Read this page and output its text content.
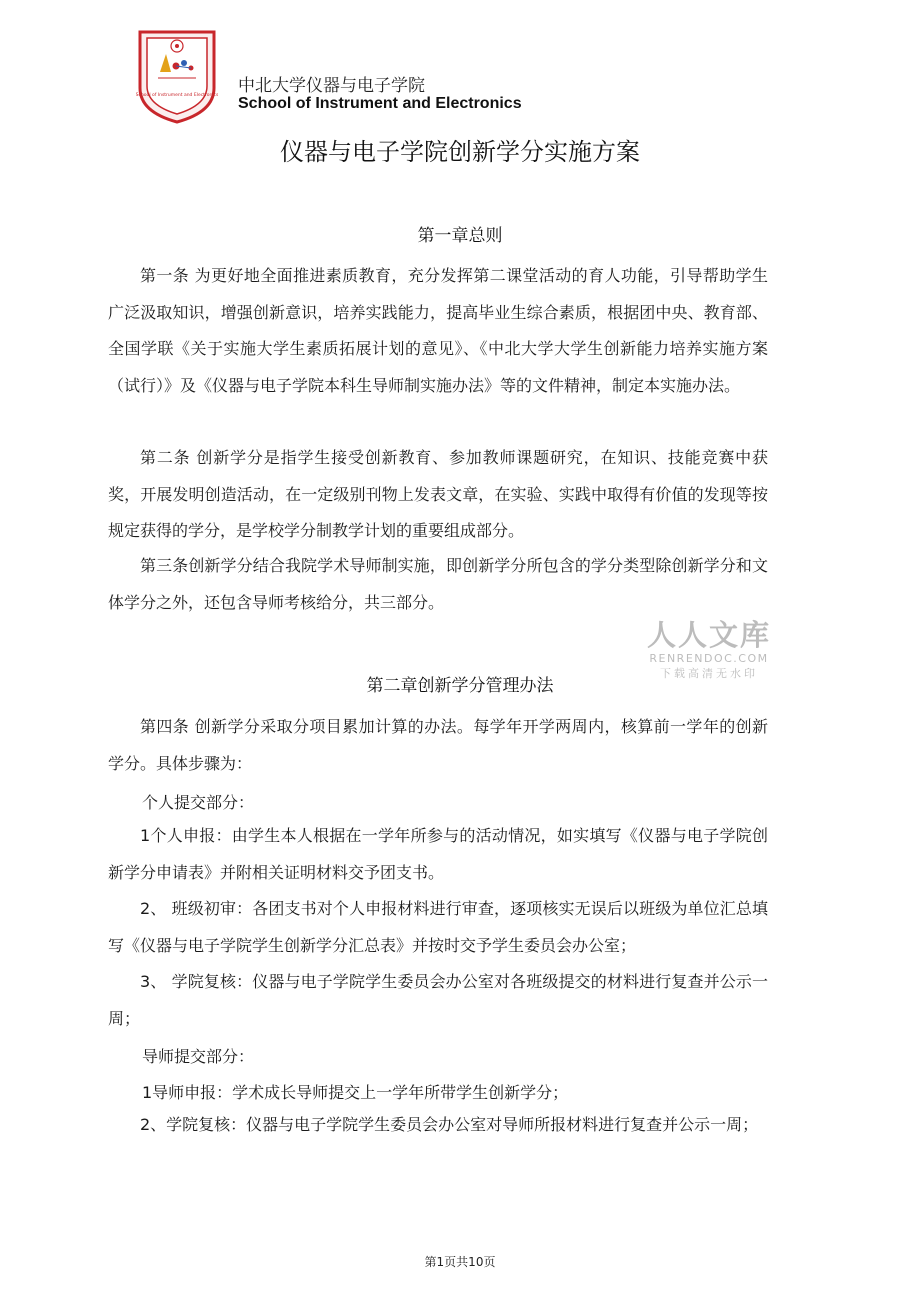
School of Instrument and Electronics 中北大学仪器与电子学院
School of Instrument and Electronics
仪器与电子学院创新学分实施方案
第一章总则
第一条 为更好地全面推进素质教育，充分发挥第二课堂活动的育人功能，引导帮助学生广泛汲取知识，增强创新意识，培养实践能力，提高毕业生综合素质，根据团中央、教育部、全国学联《关于实施大学生素质拓展计划的意见》、《中北大学大学生创新能力培养实施方案（试行）》及《仪器与电子学院本科生导师制实施办法》等的文件精神，制定本实施办法。
第二条 创新学分是指学生接受创新教育、参加教师课题研究，在知识、技能竞赛中获奖，开展发明创造活动，在一定级别刊物上发表文章，在实验、实践中取得有价值的发现等按规定获得的学分，是学校学分制教学计划的重要组成部分。
第三条创新学分结合我院学术导师制实施，即创新学分所包含的学分类型除创新学分和文体学分之外，还包含导师考核给分，共三部分。
人人文库
RENRENDOC.COM
下载高清无水印
第二章创新学分管理办法
第四条 创新学分采取分项目累加计算的办法。每学年开学两周内，核算前一学年的创新学分。具体步骤为：
个人提交部分：
1个人申报：由学生本人根据在一学年所参与的活动情况，如实填写《仪器与电子学院创新学分申请表》并附相关证明材料交予团支书。
2、 班级初审：各团支书对个人申报材料进行审查，逐项核实无误后以班级为单位汇总填写《仪器与电子学院学生创新学分汇总表》并按时交予学生委员会办公室；
3、 学院复核：仪器与电子学院学生委员会办公室对各班级提交的材料进行复查并公示一周；
导师提交部分：
1导师申报：学术成长导师提交上一学年所带学生创新学分；
2、学院复核：仪器与电子学院学生委员会办公室对导师所报材料进行复查并公示一周；
第1页共10页
